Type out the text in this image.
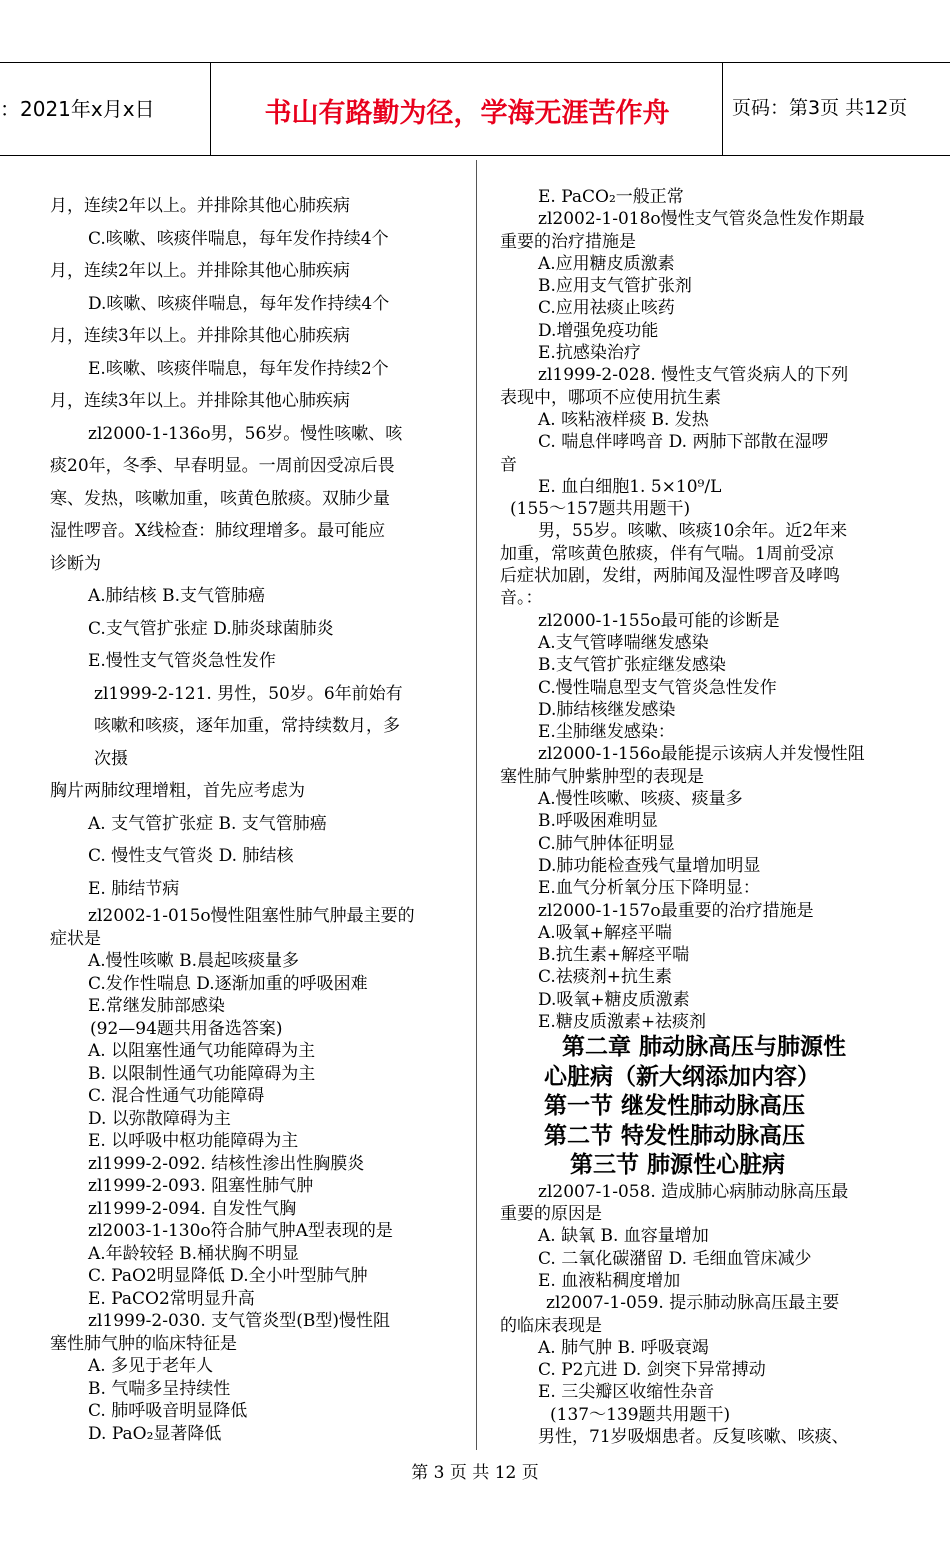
：2021年x月x日	书山有路勤为径，学海无涯苦作舟	页码：第3页 共12页

月，连续2年以上。并排除其他心肺疾病

C.咳嗽、咳痰伴喘息，每年发作持续4个

月，连续2年以上。并排除其他心肺疾病

D.咳嗽、咳痰伴喘息，每年发作持续4个

月，连续3年以上。并排除其他心肺疾病

E.咳嗽、咳痰伴喘息，每年发作持续2个

月，连续3年以上。并排除其他心肺疾病

zl2000-1-136o男，56岁。慢性咳嗽、咳

痰20年，冬季、早春明显。一周前因受凉后畏

寒、发热，咳嗽加重，咳黄色脓痰。双肺少量

湿性啰音。X线检查：肺纹理增多。最可能应

诊断为

A.肺结核 B.支气管肺癌

C.支气管扩张症 D.肺炎球菌肺炎

E.慢性支气管炎急性发作

zl1999-2-121. 男性，50岁。6年前始有

咳嗽和咳痰，逐年加重，常持续数月，多

次摄

胸片两肺纹理增粗，首先应考虑为

A. 支气管扩张症 B. 支气管肺癌

C. 慢性支气管炎 D. 肺结核

E. 肺结节病

zl2002-1-015o慢性阻塞性肺气肿最主要的

症状是

A.慢性咳嗽 B.晨起咳痰量多

C.发作性喘息 D.逐渐加重的呼吸困难

E.常继发肺部感染

(92—94题共用备选答案)

A. 以阻塞性通气功能障碍为主

B. 以限制性通气功能障碍为主

C. 混合性通气功能障碍

D. 以弥散障碍为主

E. 以呼吸中枢功能障碍为主

zl1999-2-092. 结核性渗出性胸膜炎

zl1999-2-093. 阻塞性肺气肿

zl1999-2-094. 自发性气胸

zl2003-1-130o符合肺气肿A型表现的是

A.年龄较轻 B.桶状胸不明显

C. PaO2明显降低 D.全小叶型肺气肿

E. PaCO2常明显升高

zl1999-2-030. 支气管炎型(B型)慢性阻

塞性肺气肿的临床特征是

A. 多见于老年人

B. 气喘多呈持续性

C. 肺呼吸音明显降低

D. PaO₂显著降低

E. PaCO₂一般正常

zl2002-1-018o慢性支气管炎急性发作期最

重要的治疗措施是

A.应用糖皮质激素

B.应用支气管扩张剂

C.应用祛痰止咳药

D.增强免疫功能

E.抗感染治疗

zl1999-2-028. 慢性支气管炎病人的下列

表现中，哪项不应使用抗生素

A. 咳粘液样痰 B. 发热

C. 喘息伴哮鸣音 D. 两肺下部散在湿啰

音

E. 血白细胞1. 5×10⁹/L

(155～157题共用题干)

男，55岁。咳嗽、咳痰10余年。近2年来

加重，常咳黄色脓痰，伴有气喘。1周前受凉

后症状加剧，发绀，两肺闻及湿性啰音及哮鸣

音。：

zl2000-1-155o最可能的诊断是

A.支气管哮喘继发感染

B.支气管扩张症继发感染

C.慢性喘息型支气管炎急性发作

D.肺结核继发感染

E.尘肺继发感染：

zl2000-1-156o最能提示该病人并发慢性阻

塞性肺气肿紫肿型的表现是

A.慢性咳嗽、咳痰、痰量多

B.呼吸困难明显

C.肺气肿体征明显

D.肺功能检查残气量增加明显

E.血气分析氧分压下降明显：

zl2000-1-157o最重要的治疗措施是

A.吸氧+解痉平喘

B.抗生素+解痉平喘

C.祛痰剂+抗生素

D.吸氧+糖皮质激素

E.糖皮质激素+祛痰剂

第二章 肺动脉高压与肺源性

心脏病（新大纲添加内容）

第一节 继发性肺动脉高压

第二节 特发性肺动脉高压

第三节 肺源性心脏病

zl2007-1-058. 造成肺心病肺动脉高压最

重要的原因是

A. 缺氧 B. 血容量增加

C. 二氧化碳潴留 D. 毛细血管床减少

E. 血液粘稠度增加

zl2007-1-059. 提示肺动脉高压最主要

的临床表现是

A. 肺气肿 B. 呼吸衰竭

C. P2亢进 D. 剑突下异常搏动

E. 三尖瓣区收缩性杂音

(137～139题共用题干)

男性，71岁吸烟患者。反复咳嗽、咳痰、

第 3 页 共 12 页
